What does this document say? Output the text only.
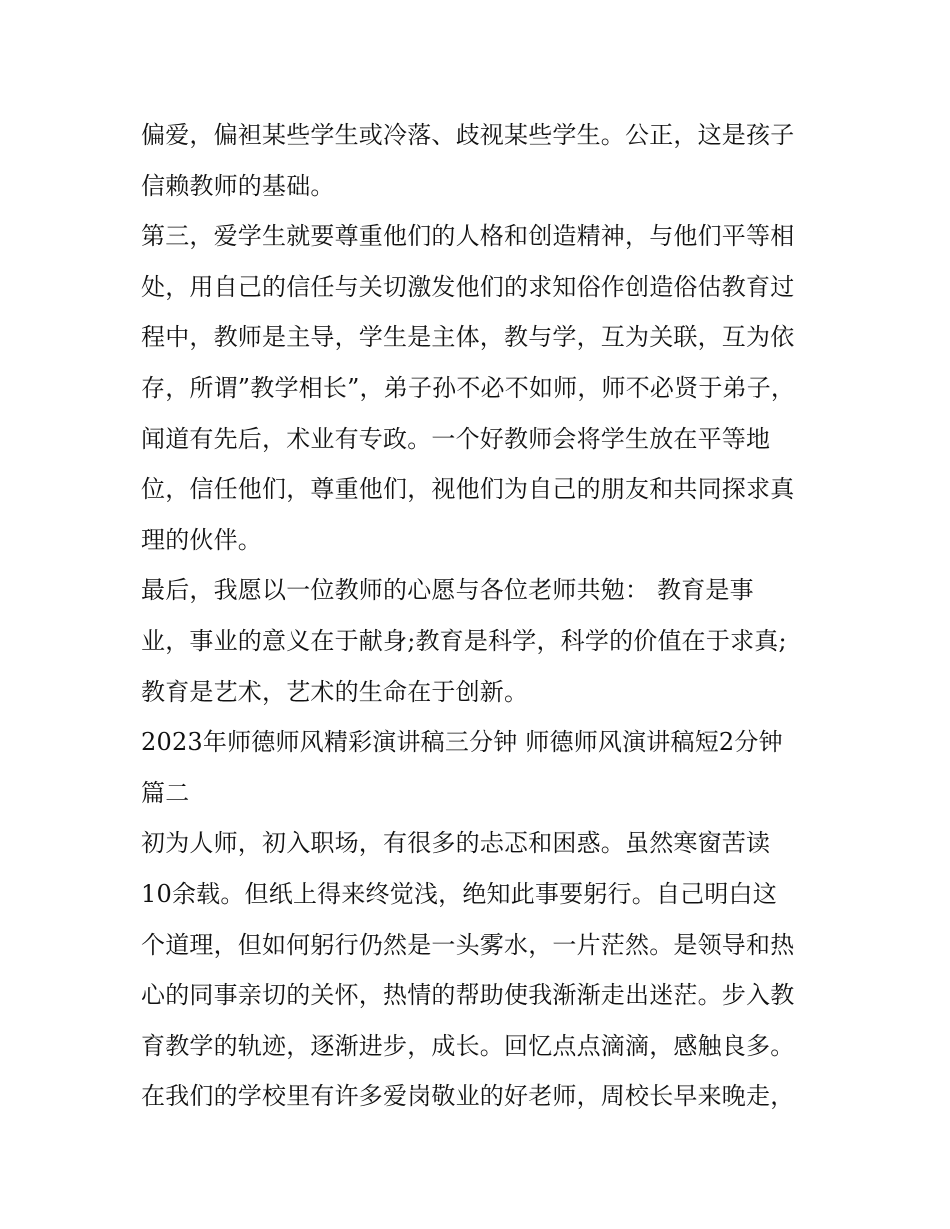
偏爱，偏袒某些学生或冷落、歧视某些学生。公正，这是孩子
信赖教师的基础。
第三，爱学生就要尊重他们的人格和创造精神，与他们平等相
处，用自己的信任与关切激发他们的求知俗作创造俗估教育过
程中，教师是主导，学生是主体，教与学，互为关联，互为依
存，所谓”教学相长”，弟子孙不必不如师，师不必贤于弟子，
闻道有先后，术业有专政。一个好教师会将学生放在平等地
位，信任他们，尊重他们，视他们为自己的朋友和共同探求真
理的伙伴。
最后，我愿以一位教师的心愿与各位老师共勉： 教育是事
业，事业的意义在于献身;教育是科学，科学的价值在于求真;
教育是艺术，艺术的生命在于创新。
2023年师德师风精彩演讲稿三分钟 师德师风演讲稿短2分钟
篇二
初为人师，初入职场，有很多的忐忑和困惑。虽然寒窗苦读
10余载。但纸上得来终觉浅，绝知此事要躬行。自己明白这
个道理，但如何躬行仍然是一头雾水，一片茫然。是领导和热
心的同事亲切的关怀，热情的帮助使我渐渐走出迷茫。步入教
育教学的轨迹，逐渐进步，成长。回忆点点滴滴，感触良多。
在我们的学校里有许多爱岗敬业的好老师，周校长早来晚走，
